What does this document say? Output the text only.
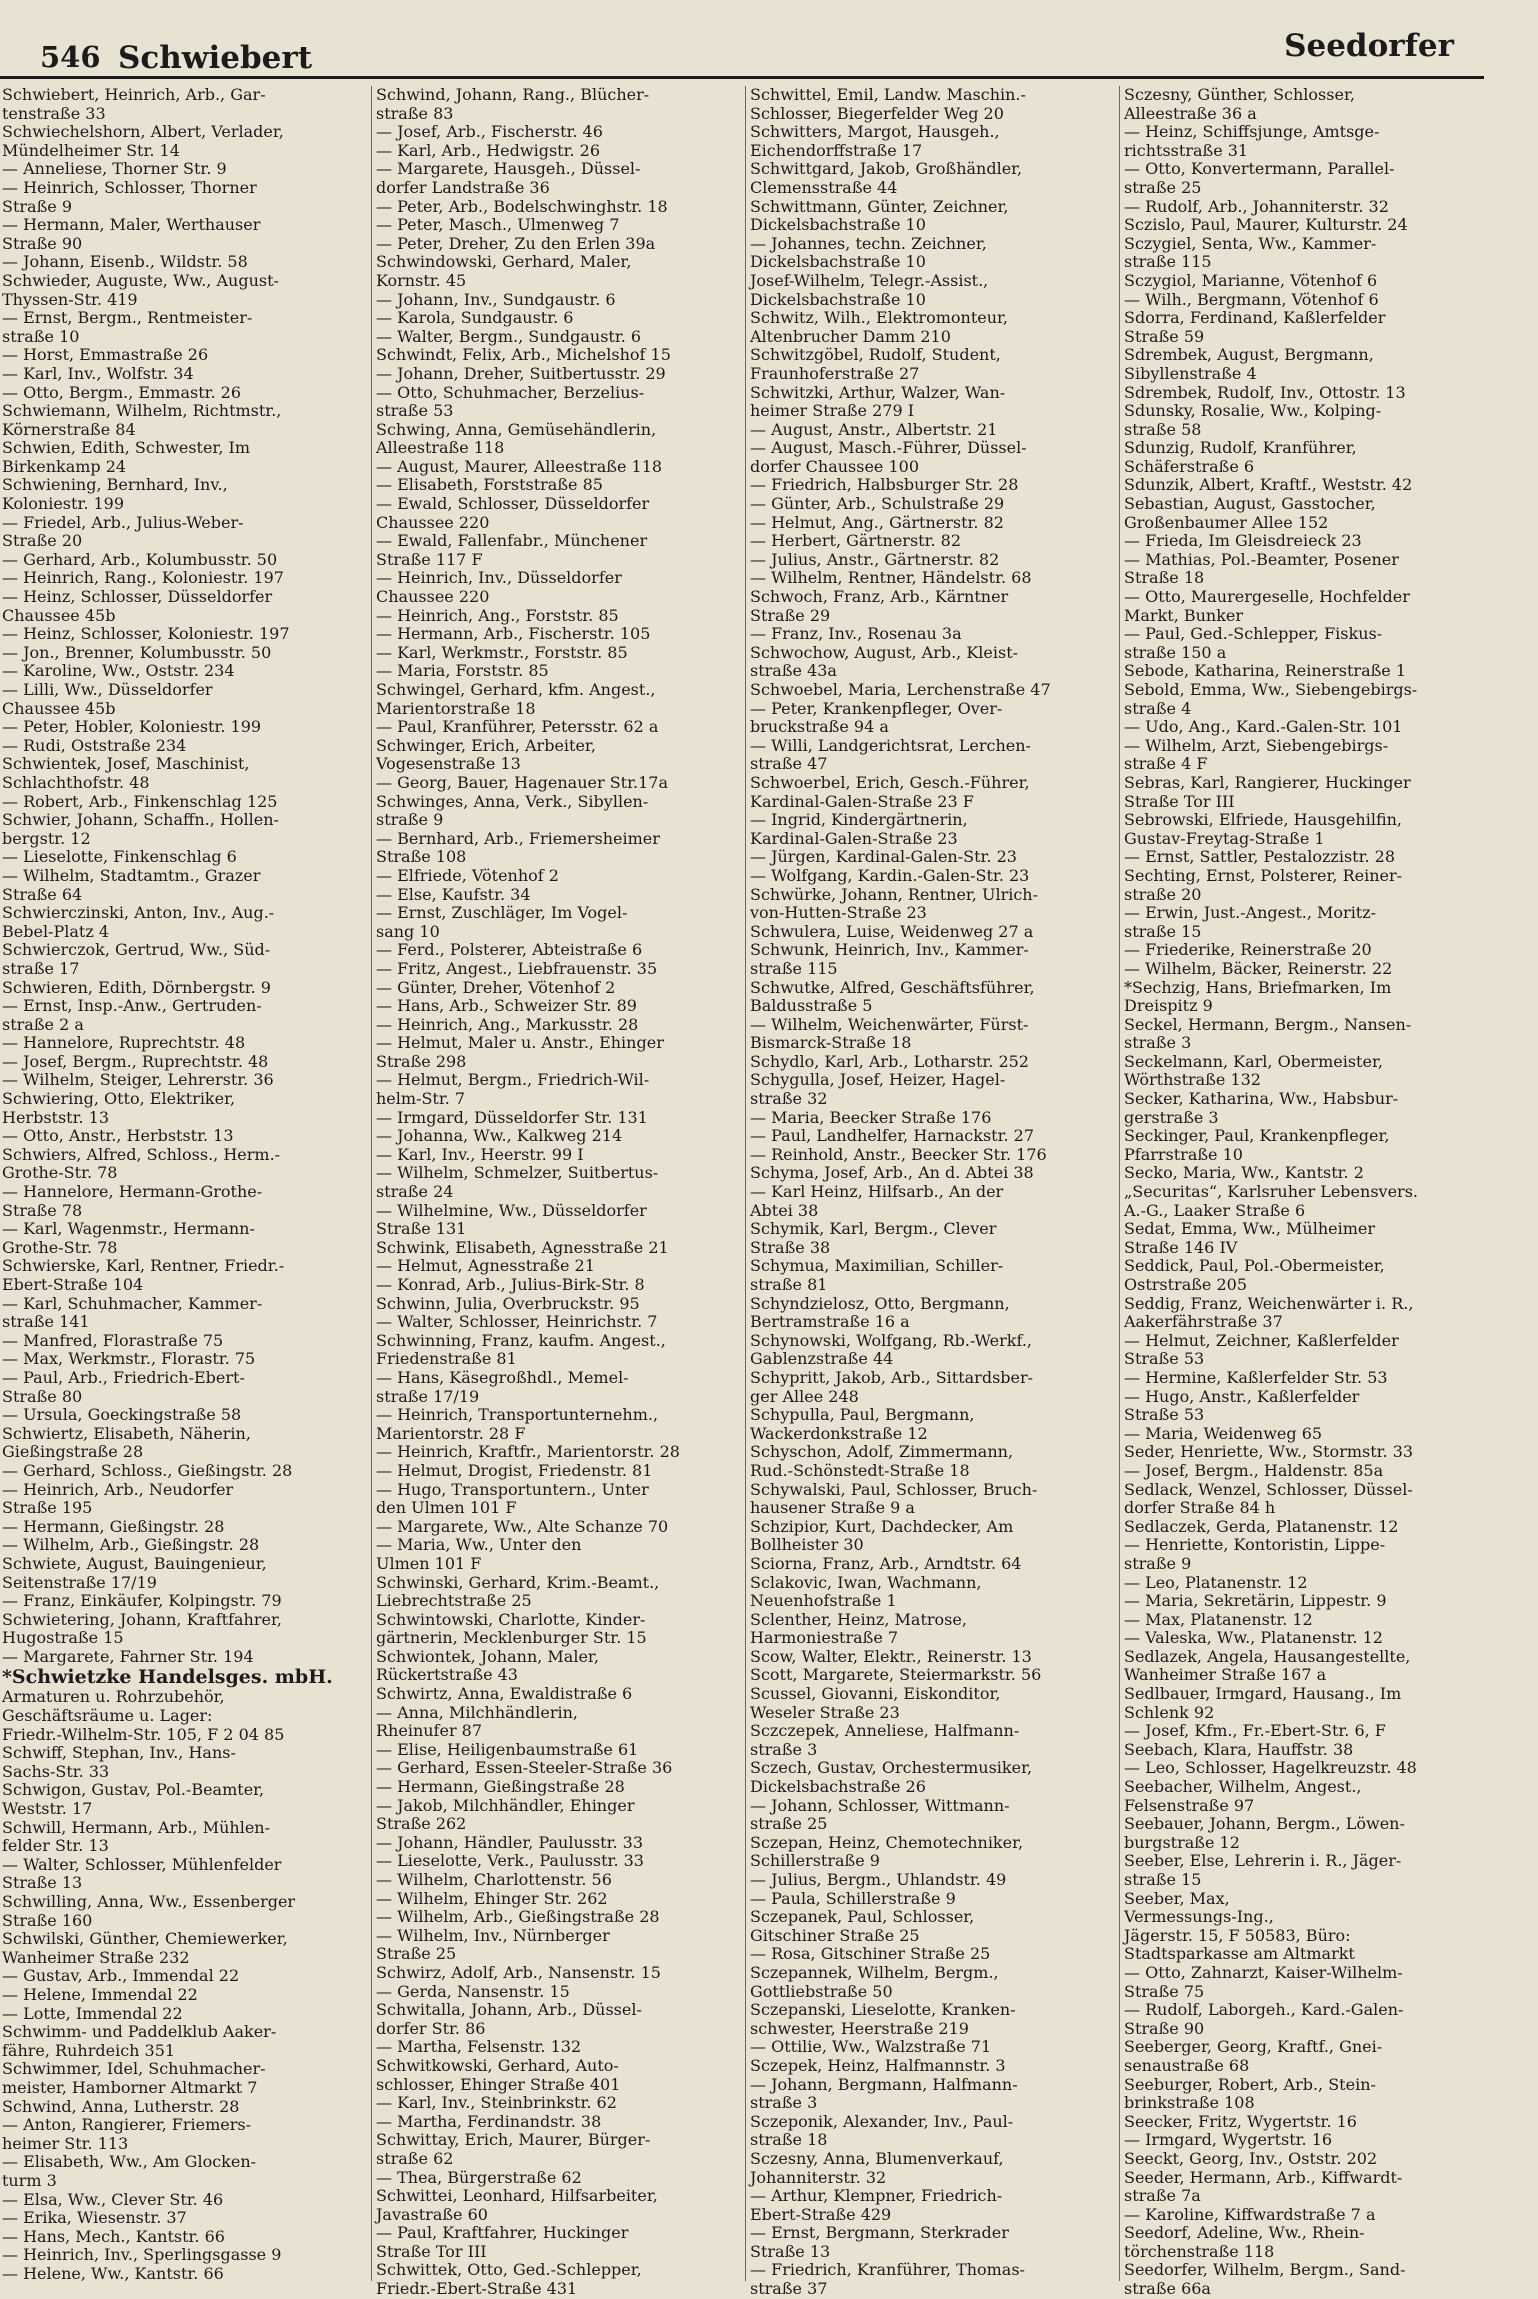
546 Schwiebert	Seedorfer
Schwiebert, Heinrich, Arb., Gar-
tenstraße 33
Schwiechelshorn, Albert, Verlader,
Mündelheimer Str. 14
— Anneliese, Thorner Str. 9
— Heinrich, Schlosser, Thorner
Straße 9
— Hermann, Maler, Werthauser
Straße 90
— Johann, Eisenb., Wildstr. 58
Schwieder, Auguste, Ww., August-
Thyssen-Str. 419
— Ernst, Bergm., Rentmeister-
straße 10
— Horst, Emmastraße 26
— Karl, Inv., Wolfstr. 34
— Otto, Bergm., Emmastr. 26
Schwiemann, Wilhelm, Richtmstr.,
Körnerstraße 84
Schwien, Edith, Schwester, Im
Birkenkamp 24
Schwiening, Bernhard, Inv.,
Koloniestr. 199
— Friedel, Arb., Julius-Weber-
Straße 20
— Gerhard, Arb., Kolumbusstr. 50
— Heinrich, Rang., Koloniestr. 197
— Heinz, Schlosser, Düsseldorfer
Chaussee 45b
— Heinz, Schlosser, Koloniestr. 197
— Jon., Brenner, Kolumbusstr. 50
— Karoline, Ww., Oststr. 234
— Lilli, Ww., Düsseldorfer
Chaussee 45b
— Peter, Hobler, Koloniestr. 199
— Rudi, Oststraße 234
Schwientek, Josef, Maschinist,
Schlachthofstr. 48
— Robert, Arb., Finkenschlag 125
Schwier, Johann, Schaffn., Hollen-
bergstr. 12
— Lieselotte, Finkenschlag 6
— Wilhelm, Stadtamtm., Grazer
Straße 64
Schwierczinski, Anton, Inv., Aug.-
Bebel-Platz 4
Schwierczok, Gertrud, Ww., Süd-
straße 17
Schwieren, Edith, Dörnbergstr. 9
— Ernst, Insp.-Anw., Gertruden-
straße 2 a
— Hannelore, Ruprechtstr. 48
— Josef, Bergm., Ruprechtstr. 48
— Wilhelm, Steiger, Lehrerstr. 36
Schwiering, Otto, Elektriker,
Herbststr. 13
— Otto, Anstr., Herbststr. 13
Schwiers, Alfred, Schloss., Herm.-
Grothe-Str. 78
— Hannelore, Hermann-Grothe-
Straße 78
— Karl, Wagenmstr., Hermann-
Grothe-Str. 78
Schwierske, Karl, Rentner, Friedr.-
Ebert-Straße 104
— Karl, Schuhmacher, Kammer-
straße 141
— Manfred, Florastraße 75
— Max, Werkmstr., Florastr. 75
— Paul, Arb., Friedrich-Ebert-
Straße 80
— Ursula, Goeckingstraße 58
Schwiertz, Elisabeth, Näherin,
Gießingstraße 28
— Gerhard, Schloss., Gießingstr. 28
— Heinrich, Arb., Neudorfer
Straße 195
— Hermann, Gießingstr. 28
— Wilhelm, Arb., Gießingstr. 28
Schwiete, August, Bauingenieur,
Seitenstraße 17/19
— Franz, Einkäufer, Kolpingstr. 79
Schwietering, Johann, Kraftfahrer,
Hugostraße 15
— Margarete, Fahrner Str. 194
*Schwietzke Handelsges. mbH.
Armaturen u. Rohrzubehör,
Geschäftsräume u. Lager:
Friedr.-Wilhelm-Str. 105, F 2 04 85
Schwiff, Stephan, Inv., Hans-
Sachs-Str. 33
Schwigon, Gustav, Pol.-Beamter,
Weststr. 17
Schwill, Hermann, Arb., Mühlen-
felder Str. 13
— Walter, Schlosser, Mühlenfelder
Straße 13
Schwilling, Anna, Ww., Essenberger
Straße 160
Schwilski, Günther, Chemiewerker,
Wanheimer Straße 232
— Gustav, Arb., Immendal 22
— Helene, Immendal 22
— Lotte, Immendal 22
Schwimm- und Paddelklub Aaker-
fähre, Ruhrdeich 351
Schwimmer, Idel, Schuhmacher-
meister, Hamborner Altmarkt 7
Schwind, Anna, Lutherstr. 28
— Anton, Rangierer, Friemers-
heimer Str. 113
— Elisabeth, Ww., Am Glocken-
turm 3
— Elsa, Ww., Clever Str. 46
— Erika, Wiesenstr. 37
— Hans, Mech., Kantstr. 66
— Heinrich, Inv., Sperlingsgasse 9
— Helene, Ww., Kantstr. 66
Schwind, Johann, Rang., Blücher-
straße 83
— Josef, Arb., Fischerstr. 46
— Karl, Arb., Hedwigstr. 26
— Margarete, Hausgeh., Düssel-
dorfer Landstraße 36
— Peter, Arb., Bodelschwinghstr. 18
— Peter, Masch., Ulmenweg 7
— Peter, Dreher, Zu den Erlen 39a
Schwindowski, Gerhard, Maler,
Kornstr. 45
— Johann, Inv., Sundgaustr. 6
— Karola, Sundgaustr. 6
— Walter, Bergm., Sundgaustr. 6
Schwindt, Felix, Arb., Michelshof 15
— Johann, Dreher, Suitbertusstr. 29
— Otto, Schuhmacher, Berzelius-
straße 53
Schwing, Anna, Gemüsehändlerin,
Alleestraße 118
— August, Maurer, Alleestraße 118
— Elisabeth, Forststraße 85
— Ewald, Schlosser, Düsseldorfer
Chaussee 220
— Ewald, Fallenfabr., Münchener
Straße 117 F
— Heinrich, Inv., Düsseldorfer
Chaussee 220
— Heinrich, Ang., Forststr. 85
— Hermann, Arb., Fischerstr. 105
— Karl, Werkmstr., Forststr. 85
— Maria, Forststr. 85
Schwingel, Gerhard, kfm. Angest.,
Marientorstraße 18
— Paul, Kranführer, Petersstr. 62 a
Schwinger, Erich, Arbeiter,
Vogesenstraße 13
— Georg, Bauer, Hagenauer Str.17a
Schwinges, Anna, Verk., Sibyllen-
straße 9
— Bernhard, Arb., Friemersheimer
Straße 108
— Elfriede, Vötenhof 2
— Else, Kaufstr. 34
— Ernst, Zuschläger, Im Vogel-
sang 10
— Ferd., Polsterer, Abteistraße 6
— Fritz, Angest., Liebfrauenstr. 35
— Günter, Dreher, Vötenhof 2
— Hans, Arb., Schweizer Str. 89
— Heinrich, Ang., Markusstr. 28
— Helmut, Maler u. Anstr., Ehinger
Straße 298
— Helmut, Bergm., Friedrich-Wil-
helm-Str. 7
— Irmgard, Düsseldorfer Str. 131
— Johanna, Ww., Kalkweg 214
— Karl, Inv., Heerstr. 99 I
— Wilhelm, Schmelzer, Suitbertus-
straße 24
— Wilhelmine, Ww., Düsseldorfer
Straße 131
Schwink, Elisabeth, Agnesstraße 21
— Helmut, Agnesstraße 21
— Konrad, Arb., Julius-Birk-Str. 8
Schwinn, Julia, Overbruckstr. 95
— Walter, Schlosser, Heinrichstr. 7
Schwinning, Franz, kaufm. Angest.,
Friedenstraße 81
— Hans, Käsegroßhdl., Memel-
straße 17/19
— Heinrich, Transportunternehm.,
Marientorstr. 28 F
— Heinrich, Kraftfr., Marientorstr. 28
— Helmut, Drogist, Friedenstr. 81
— Hugo, Transportuntern., Unter
den Ulmen 101 F
— Margarete, Ww., Alte Schanze 70
— Maria, Ww., Unter den
Ulmen 101 F
Schwinski, Gerhard, Krim.-Beamt.,
Liebrechtstraße 25
Schwintowski, Charlotte, Kinder-
gärtnerin, Mecklenburger Str. 15
Schwiontek, Johann, Maler,
Rückertstraße 43
Schwirtz, Anna, Ewaldistraße 6
— Anna, Milchhändlerin,
Rheinufer 87
— Elise, Heiligenbaumstraße 61
— Gerhard, Essen-Steeler-Straße 36
— Hermann, Gießingstraße 28
— Jakob, Milchhändler, Ehinger
Straße 262
— Johann, Händler, Paulusstr. 33
— Lieselotte, Verk., Paulusstr. 33
— Wilhelm, Charlottenstr. 56
— Wilhelm, Ehinger Str. 262
— Wilhelm, Arb., Gießingstraße 28
— Wilhelm, Inv., Nürnberger
Straße 25
Schwirz, Adolf, Arb., Nansenstr. 15
— Gerda, Nansenstr. 15
Schwitalla, Johann, Arb., Düssel-
dorfer Str. 86
— Martha, Felsenstr. 132
Schwitkowski, Gerhard, Auto-
schlosser, Ehinger Straße 401
— Karl, Inv., Steinbrinkstr. 62
— Martha, Ferdinandstr. 38
Schwittay, Erich, Maurer, Bürger-
straße 62
— Thea, Bürgerstraße 62
Schwittei, Leonhard, Hilfsarbeiter,
Javastraße 60
— Paul, Kraftfahrer, Huckinger
Straße Tor III
Schwittek, Otto, Ged.-Schlepper,
Friedr.-Ebert-Straße 431
Schwittel, Emil, Landw. Maschin.-
Schlosser, Biegerfelder Weg 20
Schwitters, Margot, Hausgeh.,
Eichendorffstraße 17
Schwittgard, Jakob, Großhändler,
Clemensstraße 44
Schwittmann, Günter, Zeichner,
Dickelsbachstraße 10
— Johannes, techn. Zeichner,
Dickelsbachstraße 10
Josef-Wilhelm, Telegr.-Assist.,
Dickelsbachstraße 10
Schwitz, Wilh., Elektromonteur,
Altenbrucher Damm 210
Schwitzgöbel, Rudolf, Student,
Fraunhoferstraße 27
Schwitzki, Arthur, Walzer, Wan-
heimer Straße 279 I
— August, Anstr., Albertstr. 21
— August, Masch.-Führer, Düssel-
dorfer Chaussee 100
— Friedrich, Halbsburger Str. 28
— Günter, Arb., Schulstraße 29
— Helmut, Ang., Gärtnerstr. 82
— Herbert, Gärtnerstr. 82
— Julius, Anstr., Gärtnerstr. 82
— Wilhelm, Rentner, Händelstr. 68
Schwoch, Franz, Arb., Kärntner
Straße 29
— Franz, Inv., Rosenau 3a
Schwochow, August, Arb., Kleist-
straße 43a
Schwoebel, Maria, Lerchenstraße 47
— Peter, Krankenpfleger, Over-
bruckstraße 94 a
— Willi, Landgerichtsrat, Lerchen-
straße 47
Schwoerbel, Erich, Gesch.-Führer,
Kardinal-Galen-Straße 23 F
— Ingrid, Kindergärtnerin,
Kardinal-Galen-Straße 23
— Jürgen, Kardinal-Galen-Str. 23
— Wolfgang, Kardin.-Galen-Str. 23
Schwürke, Johann, Rentner, Ulrich-
von-Hutten-Straße 23
Schwulera, Luise, Weidenweg 27 a
Schwunk, Heinrich, Inv., Kammer-
straße 115
Schwutke, Alfred, Geschäftsführer,
Baldusstraße 5
— Wilhelm, Weichenwärter, Fürst-
Bismarck-Straße 18
Schydlo, Karl, Arb., Lotharstr. 252
Schygulla, Josef, Heizer, Hagel-
straße 32
— Maria, Beecker Straße 176
— Paul, Landhelfer, Harnackstr. 27
— Reinhold, Anstr., Beecker Str. 176
Schyma, Josef, Arb., An d. Abtei 38
— Karl Heinz, Hilfsarb., An der
Abtei 38
Schymik, Karl, Bergm., Clever
Straße 38
Schymua, Maximilian, Schiller-
straße 81
Schyndzielosz, Otto, Bergmann,
Bertramstraße 16 a
Schynowski, Wolfgang, Rb.-Werkf.,
Gablenzstraße 44
Schypritt, Jakob, Arb., Sittardsber-
ger Allee 248
Schypulla, Paul, Bergmann,
Wackerdonkstraße 12
Schyschon, Adolf, Zimmermann,
Rud.-Schönstedt-Straße 18
Schywalski, Paul, Schlosser, Bruch-
hausener Straße 9 a
Schzipior, Kurt, Dachdecker, Am
Bollheister 30
Sciorna, Franz, Arb., Arndtstr. 64
Sclakovic, Iwan, Wachmann,
Neuenhofstraße 1
Sclenther, Heinz, Matrose,
Harmoniestraße 7
Scow, Walter, Elektr., Reinerstr. 13
Scott, Margarete, Steiermarkstr. 56
Scussel, Giovanni, Eiskonditor,
Weseler Straße 23
Sczczepek, Anneliese, Halfmann-
straße 3
Sczech, Gustav, Orchestermusiker,
Dickelsbachstraße 26
— Johann, Schlosser, Wittmann-
straße 25
Sczepan, Heinz, Chemotechniker,
Schillerstraße 9
— Julius, Bergm., Uhlandstr. 49
— Paula, Schillerstraße 9
Sczepanek, Paul, Schlosser,
Gitschiner Straße 25
— Rosa, Gitschiner Straße 25
Sczepannek, Wilhelm, Bergm.,
Gottliebstraße 50
Sczepanski, Lieselotte, Kranken-
schwester, Heerstraße 219
— Ottilie, Ww., Walzstraße 71
Sczepek, Heinz, Halfmannstr. 3
— Johann, Bergmann, Halfmann-
straße 3
Sczeponik, Alexander, Inv., Paul-
straße 18
Sczesny, Anna, Blumenverkauf,
Johanniterstr. 32
— Arthur, Klempner, Friedrich-
Ebert-Straße 429
— Ernst, Bergmann, Sterkrader
Straße 13
— Friedrich, Kranführer, Thomas-
straße 37
Sczesny, Günther, Schlosser,
Alleestraße 36 a
— Heinz, Schiffsjunge, Amtsge-
richtsstraße 31
— Otto, Konvertermann, Parallel-
straße 25
— Rudolf, Arb., Johanniterstr. 32
Sczislo, Paul, Maurer, Kulturstr. 24
Sczygiel, Senta, Ww., Kammer-
straße 115
Sczygiol, Marianne, Vötenhof 6
— Wilh., Bergmann, Vötenhof 6
Sdorra, Ferdinand, Kaßlerfelder
Straße 59
Sdrembek, August, Bergmann,
Sibyllenstraße 4
Sdrembek, Rudolf, Inv., Ottostr. 13
Sdunsky, Rosalie, Ww., Kolping-
straße 58
Sdunzig, Rudolf, Kranführer,
Schäferstraße 6
Sdunzik, Albert, Kraftf., Weststr. 42
Sebastian, August, Gasstocher,
Großenbaumer Allee 152
— Frieda, Im Gleisdreieck 23
— Mathias, Pol.-Beamter, Posener
Straße 18
— Otto, Maurergeselle, Hochfelder
Markt, Bunker
— Paul, Ged.-Schlepper, Fiskus-
straße 150 a
Sebode, Katharina, Reinerstraße 1
Sebold, Emma, Ww., Siebengebirgs-
straße 4
— Udo, Ang., Kard.-Galen-Str. 101
— Wilhelm, Arzt, Siebengebirgs-
straße 4 F
Sebras, Karl, Rangierer, Huckinger
Straße Tor III
Sebrowski, Elfriede, Hausgehilfin,
Gustav-Freytag-Straße 1
— Ernst, Sattler, Pestalozzistr. 28
Sechting, Ernst, Polsterer, Reiner-
straße 20
— Erwin, Just.-Angest., Moritz-
straße 15
— Friederike, Reinerstraße 20
— Wilhelm, Bäcker, Reinerstr. 22
*Sechzig, Hans, Briefmarken, Im
Dreispitz 9
Seckel, Hermann, Bergm., Nansen-
straße 3
Seckelmann, Karl, Obermeister,
Wörthstraße 132
Secker, Katharina, Ww., Habsbur-
gerstraße 3
Seckinger, Paul, Krankenpfleger,
Pfarrstraße 10
Secko, Maria, Ww., Kantstr. 2
„Securitas“, Karlsruher Lebensvers.
A.-G., Laaker Straße 6
Sedat, Emma, Ww., Mülheimer
Straße 146 IV
Seddick, Paul, Pol.-Obermeister,
Ostrstraße 205
Seddig, Franz, Weichenwärter i. R.,
Aakerfährstraße 37
— Helmut, Zeichner, Kaßlerfelder
Straße 53
— Hermine, Kaßlerfelder Str. 53
— Hugo, Anstr., Kaßlerfelder
Straße 53
— Maria, Weidenweg 65
Seder, Henriette, Ww., Stormstr. 33
— Josef, Bergm., Haldenstr. 85a
Sedlack, Wenzel, Schlosser, Düssel-
dorfer Straße 84 h
Sedlaczek, Gerda, Platanenstr. 12
— Henriette, Kontoristin, Lippe-
straße 9
— Leo, Platanenstr. 12
— Maria, Sekretärin, Lippestr. 9
— Max, Platanenstr. 12
— Valeska, Ww., Platanenstr. 12
Sedlazek, Angela, Hausangestellte,
Wanheimer Straße 167 a
Sedlbauer, Irmgard, Hausang., Im
Schlenk 92
— Josef, Kfm., Fr.-Ebert-Str. 6, F
Seebach, Klara, Hauffstr. 38
— Leo, Schlosser, Hagelkreuzstr. 48
Seebacher, Wilhelm, Angest.,
Felsenstraße 97
Seebauer, Johann, Bergm., Löwen-
burgstraße 12
Seeber, Else, Lehrerin i. R., Jäger-
straße 15
Seeber, Max,
Vermessungs-Ing.,
Jägerstr. 15, F 50583, Büro:
Stadtsparkasse am Altmarkt
— Otto, Zahnarzt, Kaiser-Wilhelm-
Straße 75
— Rudolf, Laborgeh., Kard.-Galen-
Straße 90
Seeberger, Georg, Kraftf., Gnei-
senaustraße 68
Seeburger, Robert, Arb., Stein-
brinkstraße 108
Seecker, Fritz, Wygertstr. 16
— Irmgard, Wygertstr. 16
Seeckt, Georg, Inv., Oststr. 202
Seeder, Hermann, Arb., Kiffwardt-
straße 7a
— Karoline, Kiffwardstraße 7 a
Seedorf, Adeline, Ww., Rhein-
törchenstraße 118
Seedorfer, Wilhelm, Bergm., Sand-
straße 66a
